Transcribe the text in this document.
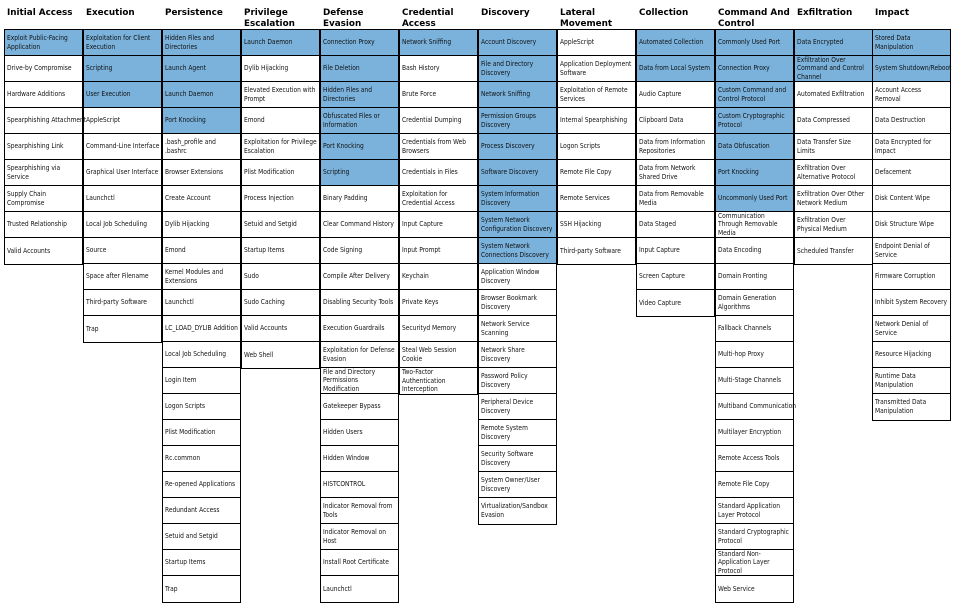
Initial Access
Exploit Public-Facing Application
Drive-by Compromise
Hardware Additions
Spearphishing Attachment
Spearphishing Link
Spearphishing via Service
Supply Chain Compromise
Trusted Relationship
Valid Accounts
Execution
Exploitation for Client Execution
Scripting
User Execution
AppleScript
Command-Line Interface
Graphical User Interface
Launchctl
Local Job Scheduling
Source
Space after Filename
Third-party Software
Trap
Persistence
Hidden Files and Directories
Launch Agent
Launch Daemon
Port Knocking
.bash_profile and .bashrc
Browser Extensions
Create Account
Dylib Hijacking
Emond
Kernel Modules and Extensions
Launchctl
LC_LOAD_DYLIB Addition
Local Job Scheduling
Login Item
Logon Scripts
Plist Modification
Rc.common
Re-opened Applications
Redundant Access
Setuid and Setgid
Startup Items
Trap
Privilege Escalation
Launch Daemon
Dylib Hijacking
Elevated Execution with Prompt
Emond
Exploitation for Privilege Escalation
Plist Modification
Process Injection
Setuid and Setgid
Startup Items
Sudo
Sudo Caching
Valid Accounts
Web Shell
Defense Evasion
Connection Proxy
File Deletion
Hidden Files and Directories
Obfuscated Files or Information
Port Knocking
Scripting
Binary Padding
Clear Command History
Code Signing
Compile After Delivery
Disabling Security Tools
Execution Guardrails
Exploitation for Defense Evasion
File and Directory Permissions Modification
Gatekeeper Bypass
Hidden Users
Hidden Window
HISTCONTROL
Indicator Removal from Tools
Indicator Removal on Host
Install Root Certificate
Launchctl
Credential Access
Network Sniffing
Bash History
Brute Force
Credential Dumping
Credentials from Web Browsers
Credentials in Files
Exploitation for Credential Access
Input Capture
Input Prompt
Keychain
Private Keys
Securityd Memory
Steal Web Session Cookie
Two-Factor Authentication Interception
Discovery
Account Discovery
File and Directory Discovery
Network Sniffing
Permission Groups Discovery
Process Discovery
Software Discovery
System Information Discovery
System Network Configuration Discovery
System Network Connections Discovery
Application Window Discovery
Browser Bookmark Discovery
Network Service Scanning
Network Share Discovery
Password Policy Discovery
Peripheral Device Discovery
Remote System Discovery
Security Software Discovery
System Owner/User Discovery
Virtualization/Sandbox Evasion
Lateral Movement
AppleScript
Application Deployment Software
Exploitation of Remote Services
Internal Spearphishing
Logon Scripts
Remote File Copy
Remote Services
SSH Hijacking
Third-party Software
Collection
Automated Collection
Data from Local System
Audio Capture
Clipboard Data
Data from Information Repositories
Data from Network Shared Drive
Data from Removable Media
Data Staged
Input Capture
Screen Capture
Video Capture
Command And Control
Commonly Used Port
Connection Proxy
Custom Command and Control Protocol
Custom Cryptographic Protocol
Data Obfuscation
Port Knocking
Uncommonly Used Port
Communication Through Removable Media
Data Encoding
Domain Fronting
Domain Generation Algorithms
Fallback Channels
Multi-hop Proxy
Multi-Stage Channels
Multiband Communication
Multilayer Encryption
Remote Access Tools
Remote File Copy
Standard Application Layer Protocol
Standard Cryptographic Protocol
Standard Non-Application Layer Protocol
Web Service
Exfiltration
Data Encrypted
Exfiltration Over Command and Control Channel
Automated Exfiltration
Data Compressed
Data Transfer Size Limits
Exfiltration Over Alternative Protocol
Exfiltration Over Other Network Medium
Exfiltration Over Physical Medium
Scheduled Transfer
Impact
Stored Data Manipulation
System Shutdown/Reboot
Account Access Removal
Data Destruction
Data Encrypted for Impact
Defacement
Disk Content Wipe
Disk Structure Wipe
Endpoint Denial of Service
Firmware Corruption
Inhibit System Recovery
Network Denial of Service
Resource Hijacking
Runtime Data Manipulation
Transmitted Data Manipulation
